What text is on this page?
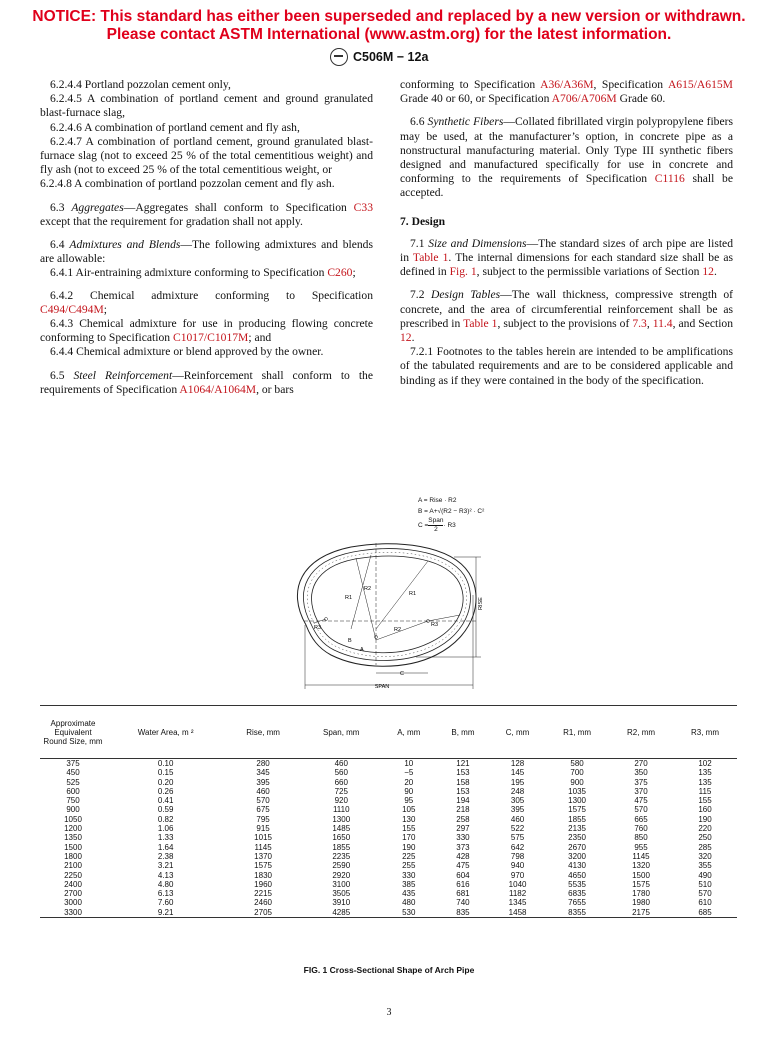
NOTICE: This standard has either been superseded and replaced by a new version or withdrawn.
Please contact ASTM International (www.astm.org) for the latest information.
C506M − 12a

6.2.4.4 Portland pozzolan cement only,

6.2.4.5 A combination of portland cement and ground granulated blast-furnace slag,

6.2.4.6 A combination of portland cement and fly ash,

6.2.4.7 A combination of portland cement, ground granulated blast-furnace slag (not to exceed 25 % of the total cementitious weight) and fly ash (not to exceed 25 % of the total cementitious weight, or

6.2.4.8 A combination of portland pozzolan cement and fly ash.

6.3 Aggregates—Aggregates shall conform to Specification C33 except that the requirement for gradation shall not apply.

6.4 Admixtures and Blends—The following admixtures and blends are allowable:

6.4.1 Air-entraining admixture conforming to Specification C260;

6.4.2 Chemical admixture conforming to Specification C494/C494M;

6.4.3 Chemical admixture for use in producing flowing concrete conforming to Specification C1017/C1017M; and

6.4.4 Chemical admixture or blend approved by the owner.

6.5 Steel Reinforcement—Reinforcement shall conform to the requirements of Specification A1064/A1064M, or bars

conforming to Specification A36/A36M, Specification A615/A615M Grade 40 or 60, or Specification A706/A706M Grade 60.

6.6 Synthetic Fibers—Collated fibrillated virgin polypropylene fibers may be used, at the manufacturer’s option, in concrete pipe as a nonstructural manufacturing material. Only Type III synthetic fibers designed and manufactured specifically for use in concrete and conforming to the requirements of Specification C1116 shall be accepted.

7. Design

7.1 Size and Dimensions—The standard sizes of arch pipe are listed in Table 1. The internal dimensions for each standard size shall be as defined in Fig. 1, subject to the permissible variations of Section 12.

7.2 Design Tables—The wall thickness, compressive strength of concrete, and the area of circumferential reinforcement shall be as prescribed in Table 1, subject to the provisions of 7.3, 11.4, and Section 12.

7.2.1 Footnotes to the tables herein are intended to be amplifications of the tabulated requirements and are to be considered applicable and binding as if they were contained in the body of the specification.

A = Rise · R2
B = A+√(R2 − R3)² · C²
C =
Span
2
· R3
RISE
SPAN
C
R1
R1
R2
R2
R3	R3
A
B
Approximate Equivalent Round Size, mm	Water Area, m ²	Rise, mm	Span, mm	A, mm	B, mm	C, mm	R1, mm	R2, mm	R3, mm
375	0.10	280	460	10	121	128	580	270	102
450	0.15	345	560	−5	153	145	700	350	135
525	0.20	395	660	20	158	195	900	375	135
600	0.26	460	725	90	153	248	1035	370	115
750	0.41	570	920	95	194	305	1300	475	155
900	0.59	675	1110	105	218	395	1575	570	160
1050	0.82	795	1300	130	258	460	1855	665	190
1200	1.06	915	1485	155	297	522	2135	760	220
1350	1.33	1015	1650	170	330	575	2350	850	250
1500	1.64	1145	1855	190	373	642	2670	955	285
1800	2.38	1370	2235	225	428	798	3200	1145	320
2100	3.21	1575	2590	255	475	940	4130	1320	355
2250	4.13	1830	2920	330	604	970	4650	1500	490
2400	4.80	1960	3100	385	616	1040	5535	1575	510
2700	6.13	2215	3505	435	681	1182	6835	1780	570
3000	7.60	2460	3910	480	740	1345	7655	1980	610
3300	9.21	2705	4285	530	835	1458	8355	2175	685
FIG. 1 Cross-Sectional Shape of Arch Pipe
3
